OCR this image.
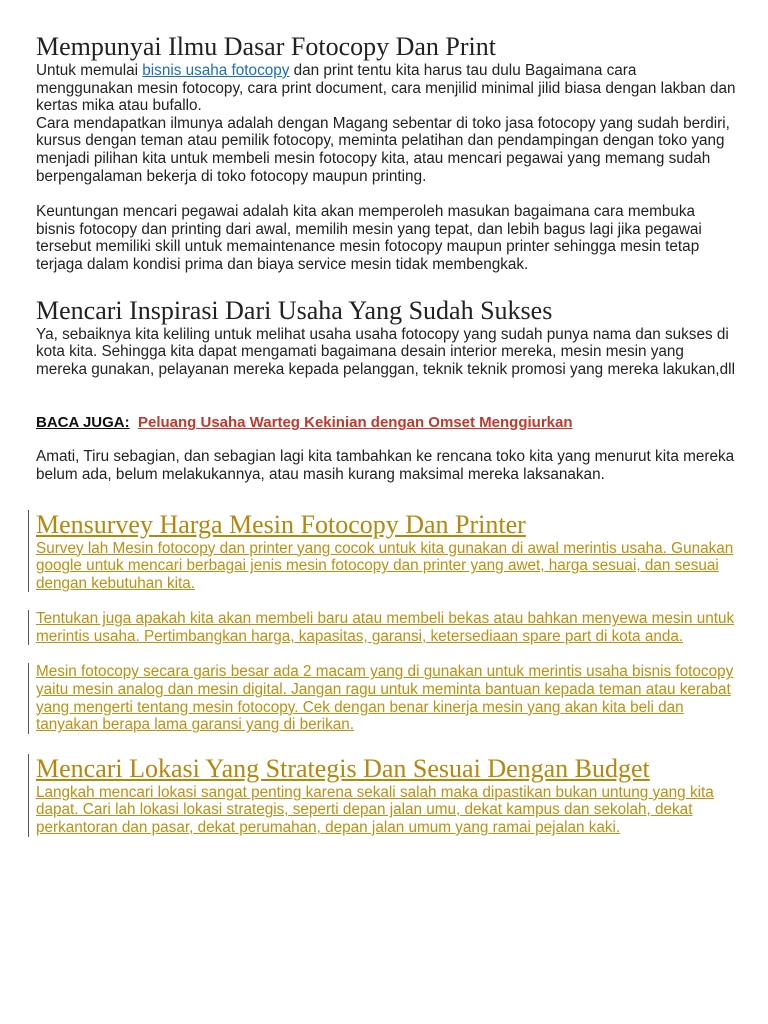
Mempunyai Ilmu Dasar Fotocopy Dan Print

Untuk memulai bisnis usaha fotocopy dan print tentu kita harus tau dulu Bagaimana cara menggunakan mesin fotocopy, cara print document, cara menjilid minimal jilid biasa dengan lakban dan kertas mika atau bufallo.

Cara mendapatkan ilmunya adalah dengan Magang sebentar di toko jasa fotocopy yang sudah berdiri, kursus dengan teman atau pemilik fotocopy, meminta pelatihan dan pendampingan dengan toko yang menjadi pilihan kita untuk membeli mesin fotocopy kita, atau mencari pegawai yang memang sudah berpengalaman bekerja di toko fotocopy maupun printing.

Keuntungan mencari pegawai adalah kita akan memperoleh masukan bagaimana cara membuka bisnis fotocopy dan printing dari awal, memilih mesin yang tepat, dan lebih bagus lagi jika pegawai tersebut memiliki skill untuk memaintenance mesin fotocopy maupun printer sehingga mesin tetap terjaga dalam kondisi prima dan biaya service mesin tidak membengkak.

Mencari Inspirasi Dari Usaha Yang Sudah Sukses

Ya, sebaiknya kita keliling untuk melihat usaha usaha fotocopy yang sudah punya nama dan sukses di kota kita. Sehingga kita dapat mengamati bagaimana desain interior mereka, mesin mesin yang mereka gunakan, pelayanan mereka kepada pelanggan, teknik teknik promosi yang mereka lakukan,dll

BACA JUGA: Peluang Usaha Warteg Kekinian dengan Omset Menggiurkan

Amati, Tiru sebagian, dan sebagian lagi kita tambahkan ke rencana toko kita yang menurut kita mereka belum ada, belum melakukannya, atau masih kurang maksimal mereka laksanakan.

Mensurvey Harga Mesin Fotocopy Dan Printer

Survey lah Mesin fotocopy dan printer yang cocok untuk kita gunakan di awal merintis usaha. Gunakan google untuk mencari berbagai jenis mesin fotocopy dan printer yang awet, harga sesuai, dan sesuai dengan kebutuhan kita.

Tentukan juga apakah kita akan membeli baru atau membeli bekas atau bahkan menyewa mesin untuk merintis usaha. Pertimbangkan harga, kapasitas, garansi, ketersediaan spare part di kota anda.

Mesin fotocopy secara garis besar ada 2 macam yang di gunakan untuk merintis usaha bisnis fotocopy yaitu mesin analog dan mesin digital. Jangan ragu untuk meminta bantuan kepada teman atau kerabat yang mengerti tentang mesin fotocopy. Cek dengan benar kinerja mesin yang akan kita beli dan tanyakan berapa lama garansi yang di berikan.

Mencari Lokasi Yang Strategis Dan Sesuai Dengan Budget

Langkah mencari lokasi sangat penting karena sekali salah maka dipastikan bukan untung yang kita dapat. Cari lah lokasi lokasi strategis, seperti depan jalan umu, dekat kampus dan sekolah, dekat perkantoran dan pasar, dekat perumahan, depan jalan umum yang ramai pejalan kaki.
